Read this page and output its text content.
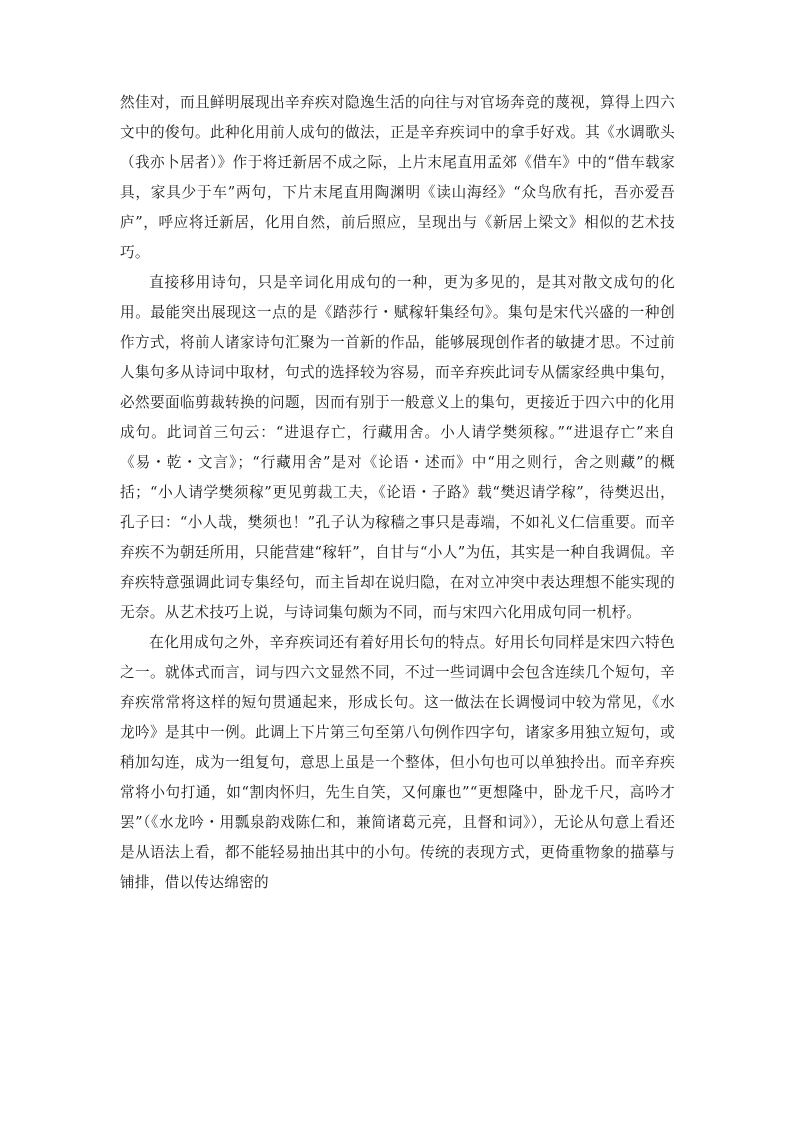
然佳对，而且鲜明展现出辛弃疾对隐逸生活的向往与对官场奔竞的蔑视，算得上四六文中的俊句。此种化用前人成句的做法，正是辛弃疾词中的拿手好戏。其《水调歌头（我亦卜居者）》作于将迁新居不成之际，上片末尾直用孟郊《借车》中的“借车载家具，家具少于车”两句，下片末尾直用陶渊明《读山海经》“众鸟欣有托，吾亦爱吾庐”，呼应将迁新居，化用自然，前后照应，呈现出与《新居上梁文》相似的艺术技巧。

直接移用诗句，只是辛词化用成句的一种，更为多见的，是其对散文成句的化用。最能突出展现这一点的是《踏莎行・赋稼轩集经句》。集句是宋代兴盛的一种创作方式，将前人诸家诗句汇聚为一首新的作品，能够展现创作者的敏捷才思。不过前人集句多从诗词中取材，句式的选择较为容易，而辛弃疾此词专从儒家经典中集句，必然要面临剪裁转换的问题，因而有别于一般意义上的集句，更接近于四六中的化用成句。此词首三句云：“进退存亡，行藏用舍。小人请学樊须稼。”“进退存亡”来自《易・乾・文言》；“行藏用舍”是对《论语・述而》中“用之则行，舍之则藏”的概括；“小人请学樊须稼”更见剪裁工夫，《论语・子路》载“樊迟请学稼”，待樊迟出，孔子曰：“小人哉，樊须也！”孔子认为稼穑之事只是毒端，不如礼义仁信重要。而辛弃疾不为朝廷所用，只能营建“稼轩”，自甘与“小人”为伍，其实是一种自我调侃。辛弃疾特意强调此词专集经句，而主旨却在说归隐，在对立冲突中表达理想不能实现的无奈。从艺术技巧上说，与诗词集句颇为不同，而与宋四六化用成句同一机杼。

在化用成句之外，辛弃疾词还有着好用长句的特点。好用长句同样是宋四六特色之一。就体式而言，词与四六文显然不同，不过一些词调中会包含连续几个短句，辛弃疾常常将这样的短句贯通起来，形成长句。这一做法在长调慢词中较为常见，《水龙吟》是其中一例。此调上下片第三句至第八句例作四字句，诸家多用独立短句，或稍加勾连，成为一组复句，意思上虽是一个整体，但小句也可以单独拎出。而辛弃疾常将小句打通，如“割肉怀归，先生自笑，又何廉也”“更想隆中，卧龙千尺，高吟才罢”（《水龙吟・用瓢泉韵戏陈仁和，兼简诸葛元亮，且督和词》），无论从句意上看还是从语法上看，都不能轻易抽出其中的小句。传统的表现方式，更倚重物象的描摹与铺排，借以传达绵密的
